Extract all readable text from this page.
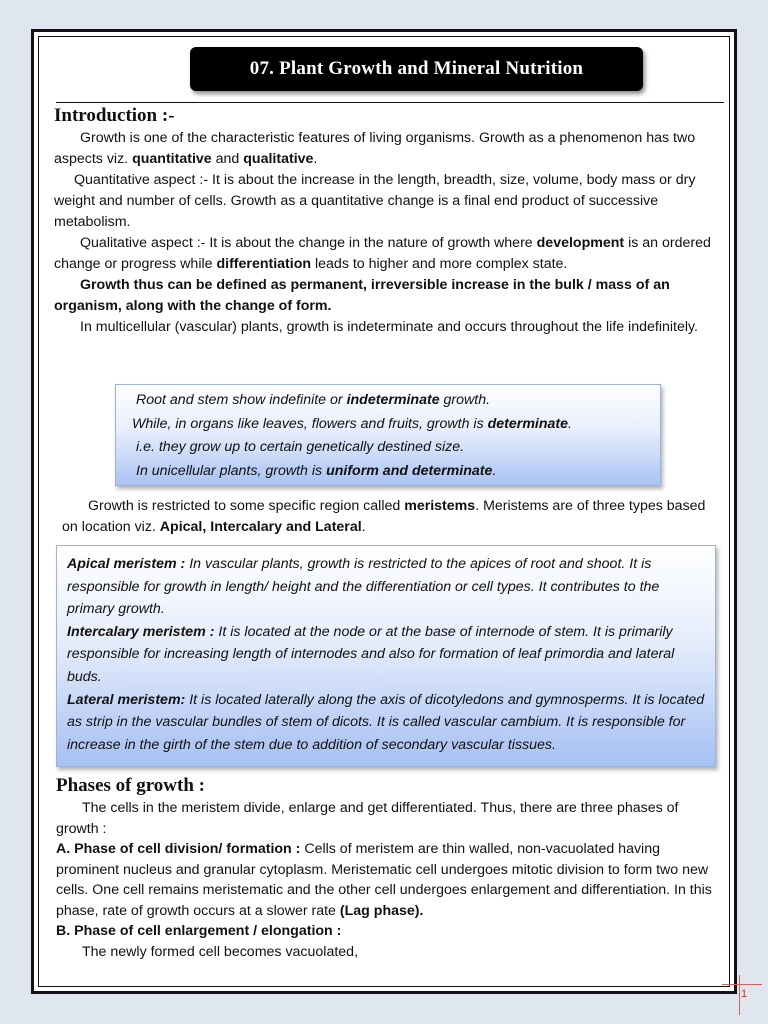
07. Plant Growth and Mineral Nutrition
Introduction :-

Growth is one of the characteristic features of living organisms. Growth as a phenomenon has two aspects viz. quantitative and qualitative.

Quantitative aspect :- It is about the increase in the length, breadth, size, volume, body mass or dry weight and number of cells. Growth as a quantitative change is a final end product of successive metabolism.

Qualitative aspect :- It is about the change in the nature of growth where development is an ordered change or progress while differentiation leads to higher and more complex state.

Growth thus can be defined as permanent, irreversible increase in the bulk / mass of an organism, along with the change of form.

In multicellular (vascular) plants, growth is indeterminate and occurs throughout the life indefinitely.

Root and stem show indefinite or indeterminate growth.

While, in organs like leaves, flowers and fruits, growth is determinate.

i.e. they grow up to certain genetically destined size.

In unicellular plants, growth is uniform and determinate.

Growth is restricted to some specific region called meristems. Meristems are of three types based on location viz. Apical, Intercalary and Lateral.

Apical meristem : In vascular plants, growth is restricted to the apices of root and shoot. It is responsible for growth in length/ height and the differentiation or cell types. It contributes to the primary growth.

Intercalary meristem : It is located at the node or at the base of internode of stem. It is primarily responsible for increasing length of internodes and also for formation of leaf primordia and lateral buds.

Lateral meristem: It is located laterally along the axis of dicotyledons and gymnosperms. It is located as strip in the vascular bundles of stem of dicots. It is called vascular cambium. It is responsible for increase in the girth of the stem due to addition of secondary vascular tissues.

Phases of growth :

The cells in the meristem divide, enlarge and get differentiated. Thus, there are three phases of growth :

A. Phase of cell division/ formation : Cells of meristem are thin walled, non-vacuolated having prominent nucleus and granular cytoplasm. Meristematic cell undergoes mitotic division to form two new cells. One cell remains meristematic and the other cell undergoes enlargement and differentiation. In this phase, rate of growth occurs at a slower rate (Lag phase).

B. Phase of cell enlargement / elongation :

The newly formed cell becomes vacuolated,

1
